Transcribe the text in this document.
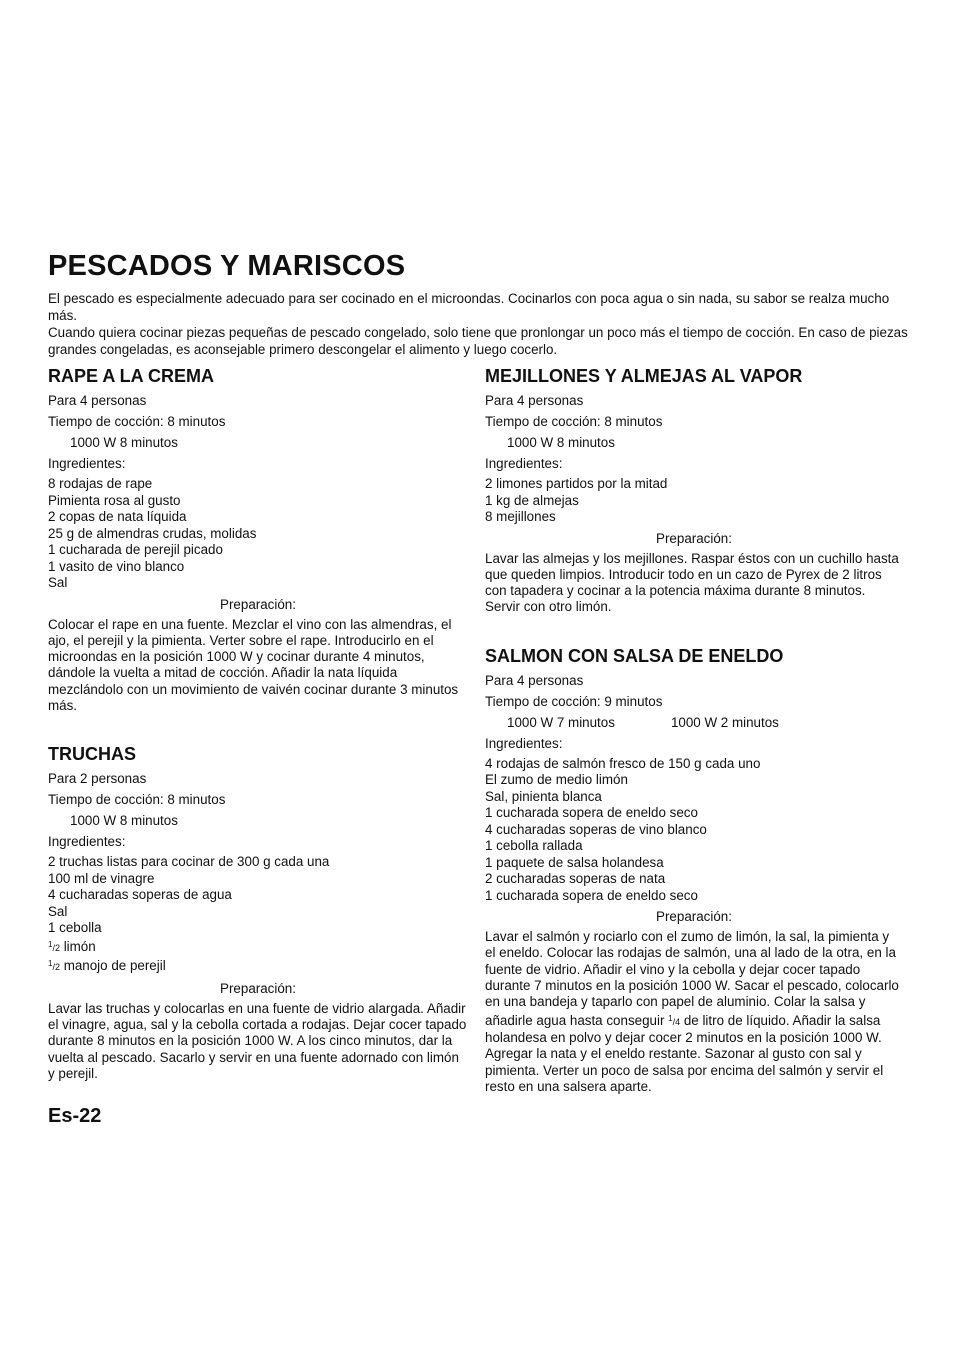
PESCADOS Y MARISCOS

El pescado es especialmente adecuado para ser cocinado en el microondas. Cocinarlos con poca agua o sin nada, su sabor se realza mucho más.

Cuando quiera cocinar piezas pequeñas de pescado congelado, solo tiene que pronlongar un poco más el tiempo de cocción. En caso de piezas grandes congeladas, es aconsejable primero descongelar el alimento y luego cocerlo.

RAPE A LA CREMA

Para 4 personas

Tiempo de cocción: 8 minutos

1000 W 8 minutos

Ingredientes:

8 rodajas de rape
Pimienta rosa al gusto
2 copas de nata líquida
25 g de almendras crudas, molidas
1 cucharada de perejil picado
1 vasito de vino blanco
Sal

Preparación:

Colocar el rape en una fuente. Mezclar el vino con las almendras, el ajo, el perejil y la pimienta. Verter sobre el rape. Introducirlo en el microondas en la posición 1000 W y cocinar durante 4 minutos, dándole la vuelta a mitad de cocción. Añadir la nata líquida mezclándolo con un movimiento de vaivén cocinar durante 3 minutos más.

TRUCHAS

Para 2 personas

Tiempo de cocción: 8 minutos

1000 W 8 minutos

Ingredientes:

2 truchas listas para cocinar de 300 g cada una
100 ml de vinagre
4 cucharadas soperas de agua
Sal
1 cebolla
$^1$/2 limón
$^1$/2 manojo de perejil

Preparación:

Lavar las truchas y colocarlas en una fuente de vidrio alargada. Añadir el vinagre, agua, sal y la cebolla cortada a rodajas. Dejar cocer tapado durante 8 minutos en la posición 1000 W. A los cinco minutos, dar la vuelta al pescado. Sacarlo y servir en una fuente adornado con limón y perejil.

MEJILLONES Y ALMEJAS AL VAPOR

Para 4 personas

Tiempo de cocción: 8 minutos

1000 W 8 minutos

Ingredientes:

2 limones partidos por la mitad
1 kg de almejas
8 mejillones

Preparación:

Lavar las almejas y los mejillones. Raspar éstos con un cuchillo hasta que queden limpios. Introducir todo en un cazo de Pyrex de 2 litros con tapadera y cocinar a la potencia máxima durante 8 minutos. Servir con otro limón.

SALMON CON SALSA DE ENELDO

Para 4 personas

Tiempo de cocción: 9 minutos

1000 W 7 minutos	1000 W 2 minutos

Ingredientes:

4 rodajas de salmón fresco de 150 g cada uno
El zumo de medio limón
Sal, pinienta blanca
1 cucharada sopera de eneldo seco
4 cucharadas soperas de vino blanco
1 cebolla rallada
1 paquete de salsa holandesa
2 cucharadas soperas de nata
1 cucharada sopera de eneldo seco

Preparación:

Lavar el salmón y rociarlo con el zumo de limón, la sal, la pimienta y el eneldo. Colocar las rodajas de salmón, una al lado de la otra, en la fuente de vidrio. Añadir el vino y la cebolla y dejar cocer tapado durante 7 minutos en la posición 1000 W. Sacar el pescado, colocarlo en una bandeja y taparlo con papel de aluminio. Colar la salsa y añadirle agua hasta conseguir $^1$/4 de litro de líquido. Añadir la salsa holandesa en polvo y dejar cocer 2 minutos en la posición 1000 W. Agregar la nata y el eneldo restante. Sazonar al gusto con sal y pimienta. Verter un poco de salsa por encima del salmón y servir el resto en una salsera aparte.

Es-22
